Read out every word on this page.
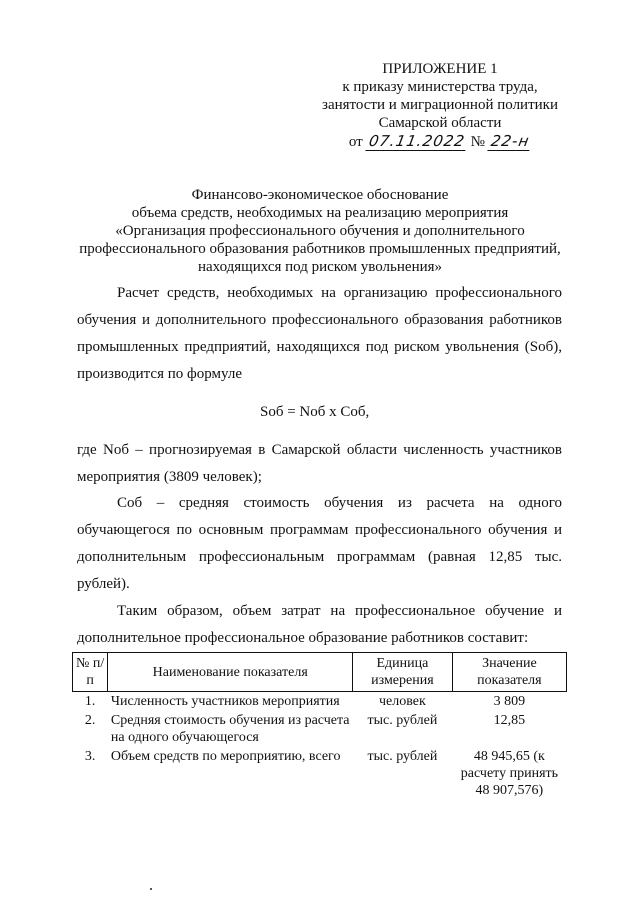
ПРИЛОЖЕНИЕ 1
к приказу министерства труда,
занятости и миграционной политики
Самарской области
от 07.11.2022 № 22-н
Финансово-экономическое обоснование
объема средств, необходимых на реализацию мероприятия
«Организация профессионального обучения и дополнительного
профессионального образования работников промышленных предприятий,
находящихся под риском увольнения»
Расчет средств, необходимых на организацию профессионального обучения и дополнительного профессионального образования работников промышленных предприятий, находящихся под риском увольнения (Sоб), производится по формуле
Sоб = Nоб x Cоб,
где Nоб – прогнозируемая в Самарской области численность участников мероприятия (3809 человек);
Cоб – средняя стоимость обучения из расчета на одного обучающегося по основным программам профессионального обучения и дополнительным профессиональным программам (равная 12,85 тыс. рублей).
Таким образом, объем затрат на профессиональное обучение и дополнительное профессиональное образование работников составит:
№ п/п	Наименование показателя	Единица измерения	Значение показателя
1.	Численность участников мероприятия	человек	3 809
2.	Средняя стоимость обучения из расчета на одного обучающегося	тыс. рублей	12,85
3.	Объем средств по мероприятию, всего	тыс. рублей	48 945,65 (к расчету принять 48 907,576)
